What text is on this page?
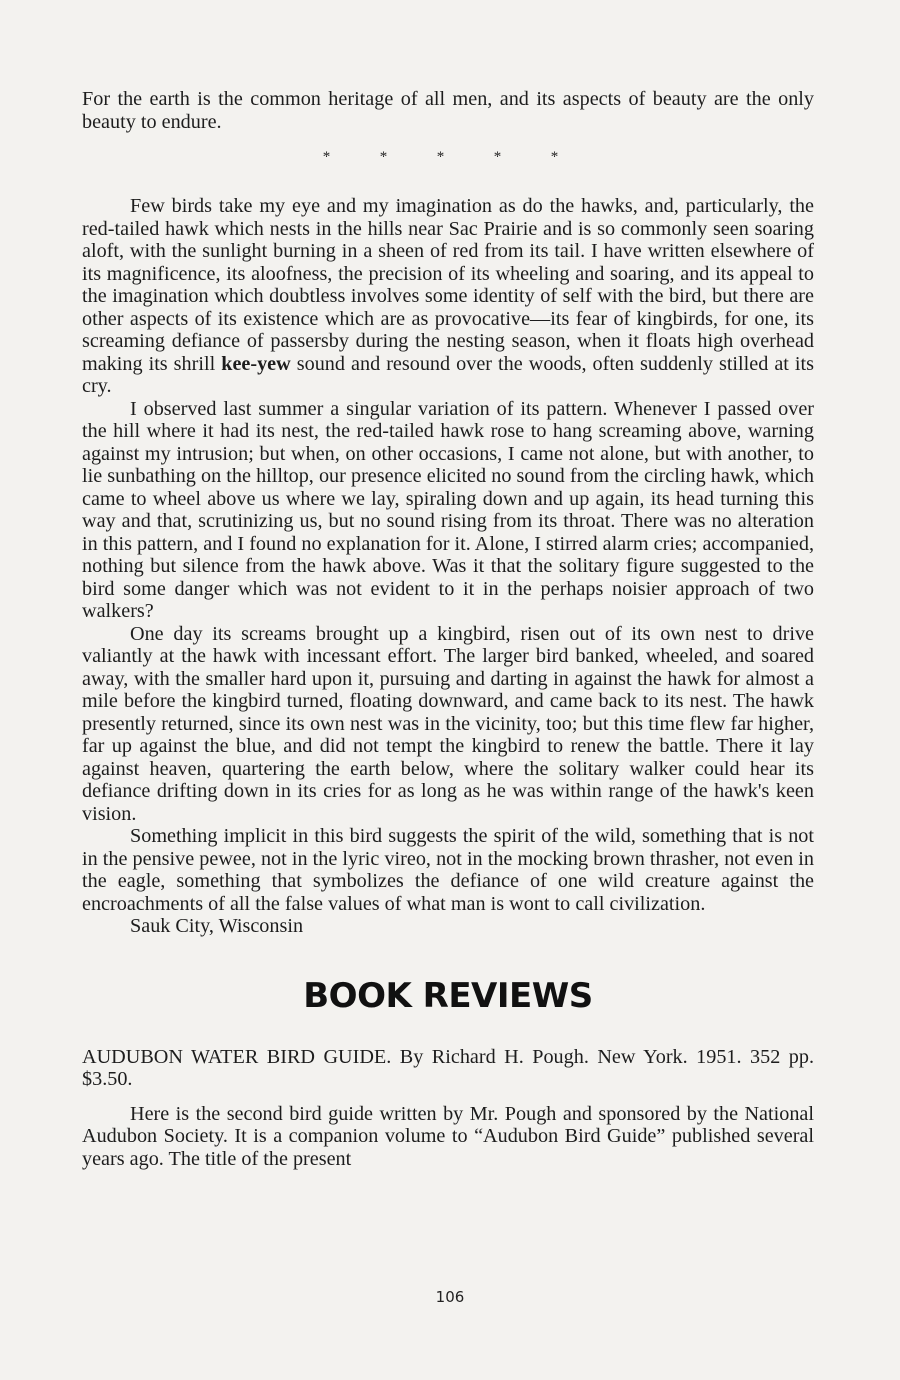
For the earth is the common heritage of all men, and its aspects of beauty are the only beauty to endure.

*	*	*	*	*

Few birds take my eye and my imagination as do the hawks, and, particularly, the red-tailed hawk which nests in the hills near Sac Prairie and is so commonly seen soaring aloft, with the sunlight burning in a sheen of red from its tail. I have written elsewhere of its magnificence, its aloofness, the precision of its wheeling and soaring, and its appeal to the imagination which doubtless involves some identity of self with the bird, but there are other aspects of its existence which are as provocative—its fear of kingbirds, for one, its screaming defiance of passersby during the nesting season, when it floats high overhead making its shrill kee-yew sound and resound over the woods, often suddenly stilled at its cry.

I observed last summer a singular variation of its pattern. Whenever I passed over the hill where it had its nest, the red-tailed hawk rose to hang screaming above, warning against my intrusion; but when, on other occasions, I came not alone, but with another, to lie sunbathing on the hilltop, our presence elicited no sound from the circling hawk, which came to wheel above us where we lay, spiraling down and up again, its head turning this way and that, scrutinizing us, but no sound rising from its throat. There was no alteration in this pattern, and I found no explanation for it. Alone, I stirred alarm cries; accompanied, nothing but silence from the hawk above. Was it that the solitary figure suggested to the bird some danger which was not evident to it in the perhaps noisier approach of two walkers?

One day its screams brought up a kingbird, risen out of its own nest to drive valiantly at the hawk with incessant effort. The larger bird banked, wheeled, and soared away, with the smaller hard upon it, pursuing and darting in against the hawk for almost a mile before the kingbird turned, floating downward, and came back to its nest. The hawk presently returned, since its own nest was in the vicinity, too; but this time flew far higher, far up against the blue, and did not tempt the kingbird to renew the battle. There it lay against heaven, quartering the earth below, where the solitary walker could hear its defiance drifting down in its cries for as long as he was within range of the hawk's keen vision.

Something implicit in this bird suggests the spirit of the wild, something that is not in the pensive pewee, not in the lyric vireo, not in the mocking brown thrasher, not even in the eagle, something that symbolizes the defiance of one wild creature against the encroachments of all the false values of what man is wont to call civilization.

Sauk City, Wisconsin

BOOK REVIEWS

AUDUBON WATER BIRD GUIDE. By Richard H. Pough. New York. 1951. 352 pp. $3.50.

Here is the second bird guide written by Mr. Pough and sponsored by the National Audubon Society. It is a companion volume to “Audubon Bird Guide” published several years ago. The title of the present

106
